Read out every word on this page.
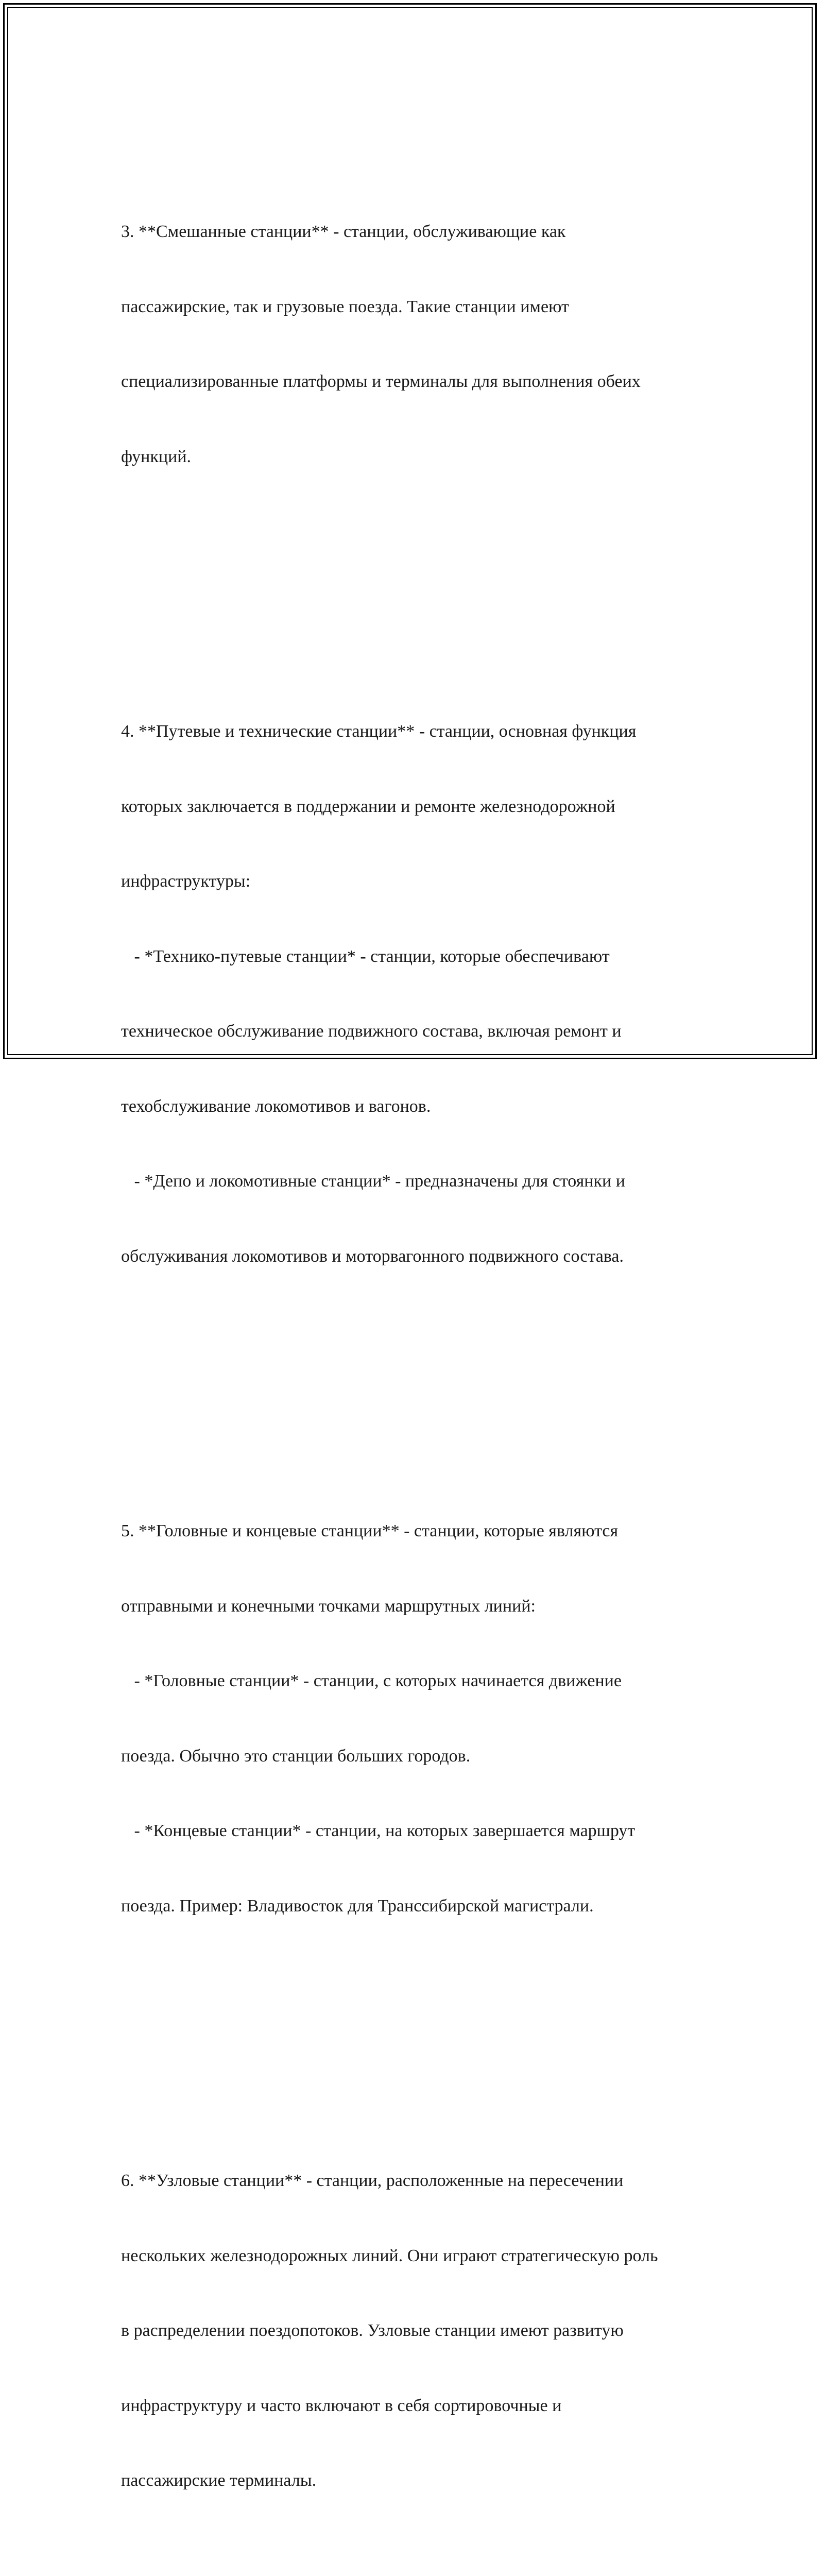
3. **Смешанные станции** - станции, обслуживающие как

пассажирские, так и грузовые поезда. Такие станции имеют

специализированные платформы и терминалы для выполнения обеих

функций.

4. **Путевые и технические станции** - станции, основная функция

которых заключается в поддержании и ремонте железнодорожной

инфраструктуры:

- *Технико-путевые станции* - станции, которые обеспечивают

техническое обслуживание подвижного состава, включая ремонт и

техобслуживание локомотивов и вагонов.

- *Депо и локомотивные станции* - предназначены для стоянки и

обслуживания локомотивов и моторвагонного подвижного состава.

5. **Головные и концевые станции** - станции, которые являются

отправными и конечными точками маршрутных линий:

- *Головные станции* - станции, с которых начинается движение

поезда. Обычно это станции больших городов.

- *Концевые станции* - станции, на которых завершается маршрут

поезда. Пример: Владивосток для Транссибирской магистрали.

6. **Узловые станции** - станции, расположенные на пересечении

нескольких железнодорожных линий. Они играют стратегическую роль

в распределении поездопотоков. Узловые станции имеют развитую

инфраструктуру и часто включают в себя сортировочные и

пассажирские терминалы.
